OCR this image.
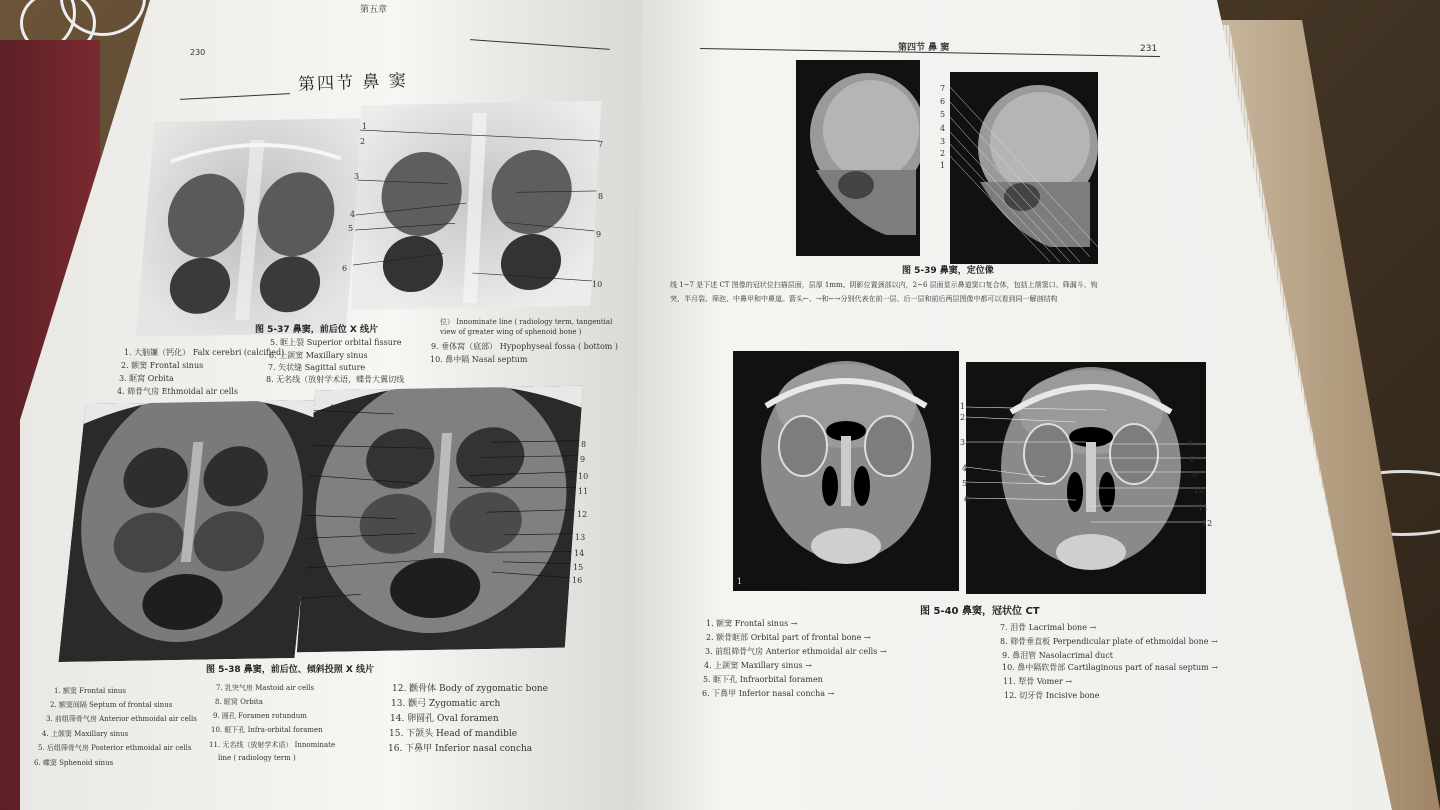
第五章
230
第四节 鼻 窦
1
2
3
4
5
6
7
8
9
10
图 5-37 鼻窦，前后位 X 线片
1. 大脑镰（钙化） Falx cerebri (calcified)
2. 额窦 Frontal sinus
3. 眶窝 Orbita
4. 筛骨气房 Ethmoidal air cells
5. 眶上裂 Superior orbital fissure
6. 上颌窦 Maxillary sinus
7. 矢状缝 Sagittal suture
8. 无名线（放射学术语，蝶骨大翼切线
位） Innominate line ( radiology term, tangential
view of greater wing of sphenoid bone )
9. 垂体窝（底部） Hypophyseal fossa ( bottom )
10. 鼻中隔 Nasal septum
1
2
3
4
5
6
7
8
9
10
11
12
13
14
15
16
图 5-38 鼻窦，前后位、倾斜投照 X 线片
1. 额窦 Frontal sinus
2. 额窦间隔 Septum of frontal sinus
3. 前组筛骨气房 Anterior ethmoidal air cells
4. 上颌窦 Maxillary sinus
5. 后组筛骨气房 Posterior ethmoidal air cells
6. 蝶窦 Sphenoid sinus
7. 乳突气房 Mastoid air cells
8. 眶窝 Orbita
9. 圆孔 Foramen rotundum
10. 眶下孔 Infra-orbital foramen
11. 无名线（放射学术语） Innominate
line ( radiology term )
12. 颧骨体 Body of zygomatic bone
13. 颧弓 Zygomatic arch
14. 卵圆孔 Oval foramen
15. 下颌头 Head of mandible
16. 下鼻甲 Inferior nasal concha
第四节 鼻 窦	231
7
6
5
4
3
2
1
图 5-39 鼻窦，定位像
线 1~7 是下述 CT 图像的冠状位扫描层面，层厚 1mm。阴影位置颈部以内，2~6 层面显示鼻道窦口复合体，包括上颌窦口、筛漏斗、钩
突、半月裂、筛泡、中鼻甲和中鼻道。箭头←、→和←→分别代表在前一层、后一层和前后两层图像中都可以看到同一解剖结构
1
1
2
3
4
5
6
7
8
9
10
11
12
图 5-40 鼻窦，冠状位 CT
1. 额窦 Frontal sinus →
2. 额骨眶部 Orbital part of frontal bone →
3. 前组筛骨气房 Anterior ethmoidal air cells →
4. 上颌窦 Maxillary sinus →
5. 眶下孔 Infraorbital foramen
6. 下鼻甲 Inferior nasal concha →
7. 泪骨 Lacrimal bone →
8. 筛骨垂直板 Perpendicular plate of ethmoidal bone →
9. 鼻泪管 Nasolacrimal duct
10. 鼻中隔软骨部 Cartilaginous part of nasal septum →
11. 犁骨 Vomer →
12. 切牙骨 Incisive bone
